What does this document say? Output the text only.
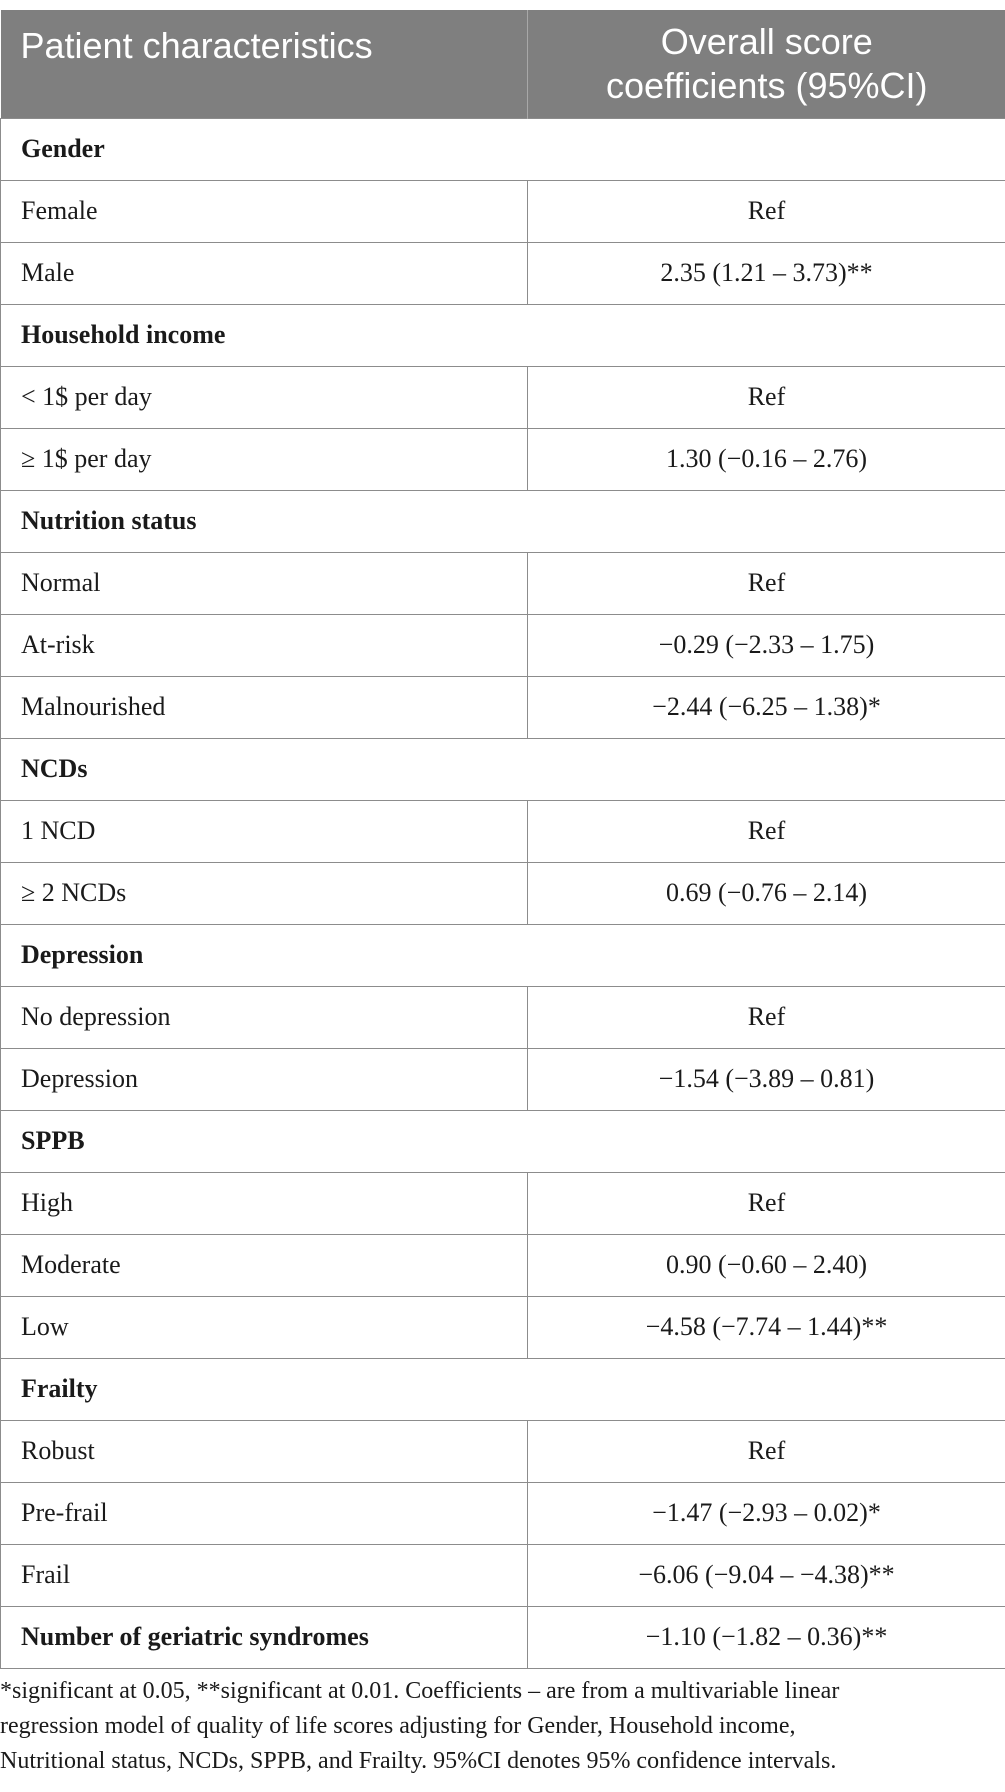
Patient characteristics	Overall score
coefficients (95%CI)
Gender	
Female	Ref
Male	2.35 (1.21 – 3.73)**
Household income	
< 1$ per day	Ref
≥ 1$ per day	1.30 (−0.16 – 2.76)
Nutrition status	
Normal	Ref
At-risk	−0.29 (−2.33 – 1.75)
Malnourished	−2.44 (−6.25 – 1.38)*
NCDs	
1 NCD	Ref
≥ 2 NCDs	0.69 (−0.76 – 2.14)
Depression	
No depression	Ref
Depression	−1.54 (−3.89 – 0.81)
SPPB	
High	Ref
Moderate	0.90 (−0.60 – 2.40)
Low	−4.58 (−7.74 – 1.44)**
Frailty	
Robust	Ref
Pre-frail	−1.47 (−2.93 – 0.02)*
Frail	−6.06 (−9.04 – −4.38)**
Number of geriatric syndromes	−1.10 (−1.82 – 0.36)**
*significant at 0.05, **significant at 0.01. Coefficients – are from a multivariable linear
regression model of quality of life scores adjusting for Gender, Household income,
Nutritional status, NCDs, SPPB, and Frailty. 95%CI denotes 95% confidence intervals.
